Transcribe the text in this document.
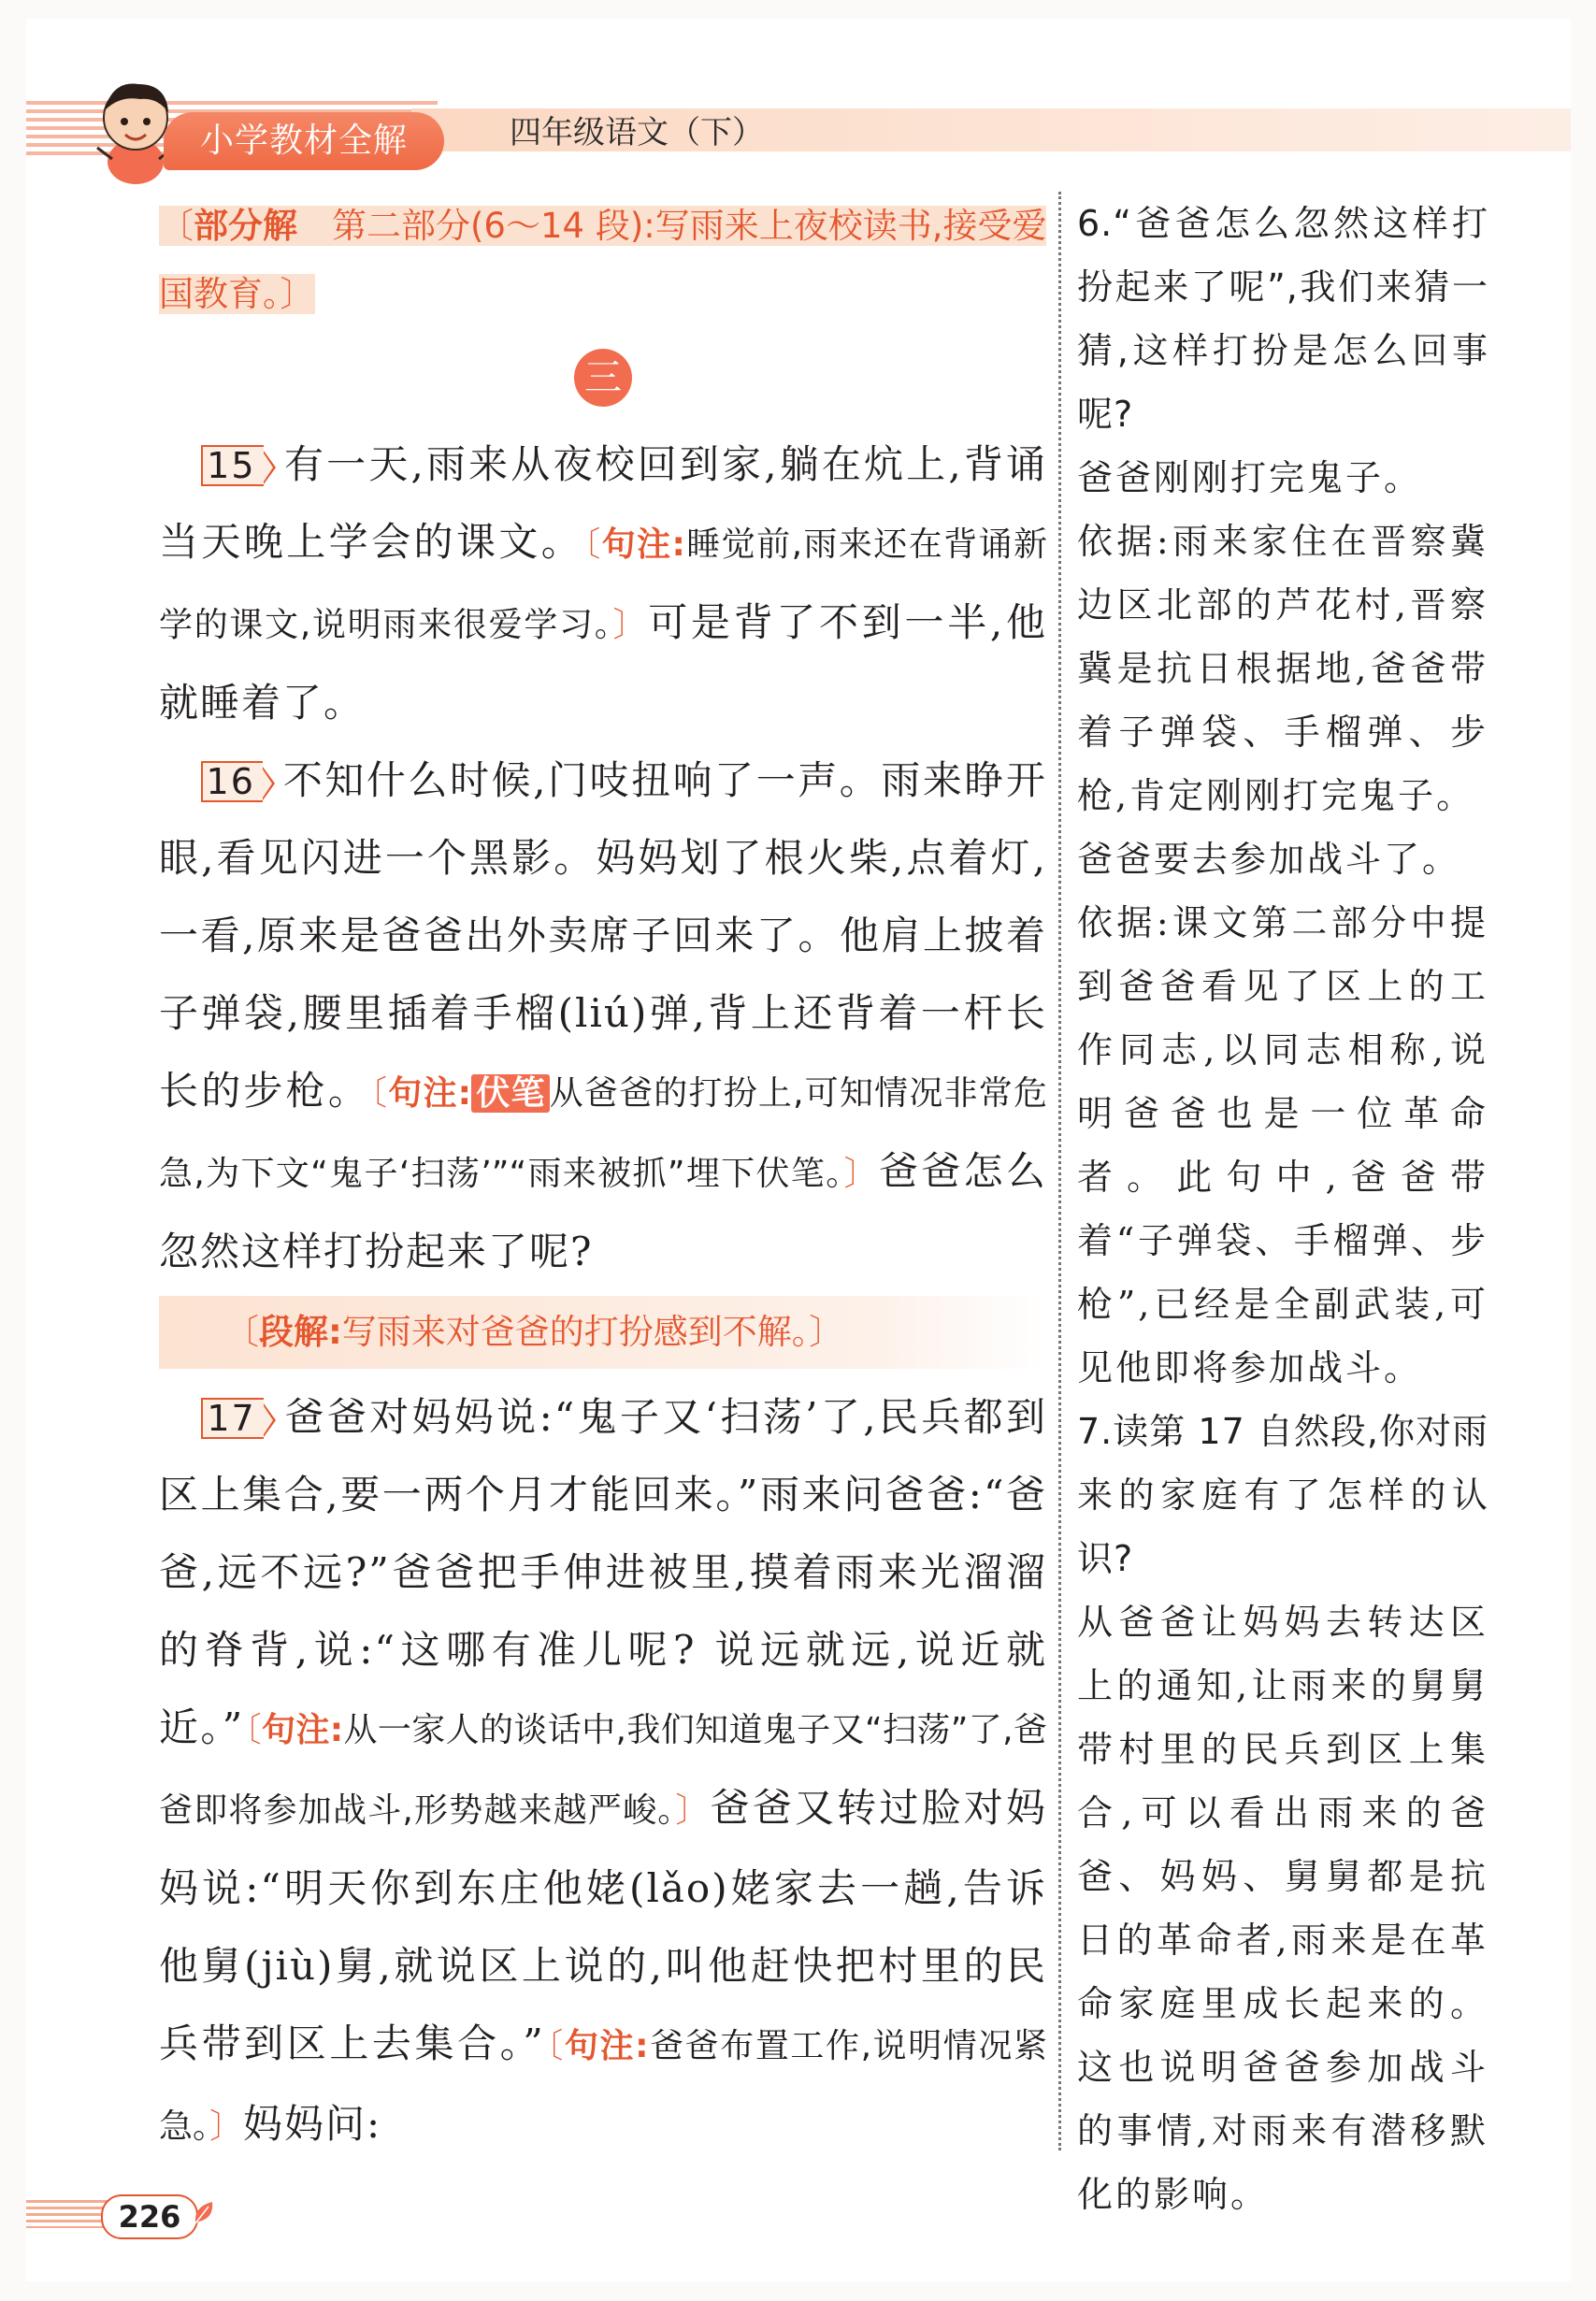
小学教材全解	四年级语文（下）

〔部分解　第二部分(6～14 段):写雨来上夜校读书,接受爱国教育。〕

三

　15 有一天,雨来从夜校回到家,躺在炕上,背诵当天晚上学会的课文。〔句注:睡觉前,雨来还在背诵新学的课文,说明雨来很爱学习。〕可是背了不到一半,他就睡着了。

　16 不知什么时候,门吱扭响了一声。雨来睁开眼,看见闪进一个黑影。妈妈划了根火柴,点着灯,一看,原来是爸爸出外卖席子回来了。他肩上披着子弹袋,腰里插着手榴(liú)弹,背上还背着一杆长长的步枪。〔句注: 伏笔 从爸爸的打扮上,可知情况非常危急,为下文“鬼子‘扫荡’”“雨来被抓”埋下伏笔。〕爸爸怎么忽然这样打扮起来了呢?

〔段解:写雨来对爸爸的打扮感到不解。〕

　17 爸爸对妈妈说:“鬼子又‘扫荡’了,民兵都到区上集合,要一两个月才能回来。”雨来问爸爸:“爸爸,远不远?”爸爸把手伸进被里,摸着雨来光溜溜的脊背,说:“这哪有准儿呢? 说远就远,说近就近。”〔句注:从一家人的谈话中,我们知道鬼子又“扫荡”了,爸爸即将参加战斗,形势越来越严峻。〕爸爸又转过脸对妈妈说:“明天你到东庄他姥(lǎo)姥家去一趟,告诉他舅(jiù)舅,就说区上说的,叫他赶快把村里的民兵带到区上去集合。”〔句注:爸爸布置工作,说明情况紧急。〕妈妈问:

6.“爸爸怎么忽然这样打扮起来了呢”,我们来猜一猜,这样打扮是怎么回事呢?

爸爸刚刚打完鬼子。

依据:雨来家住在晋察冀边区北部的芦花村,晋察冀是抗日根据地,爸爸带着子弹袋、手榴弹、步枪,肯定刚刚打完鬼子。

爸爸要去参加战斗了。

依据:课文第二部分中提到爸爸看见了区上的工作同志,以同志相称,说明爸爸也是一位革命者。此句中,爸爸带着“子弹袋、手榴弹、步枪”,已经是全副武装,可见他即将参加战斗。

7.读第 17 自然段,你对雨来的家庭有了怎样的认识?

从爸爸让妈妈去转达区上的通知,让雨来的舅舅带村里的民兵到区上集合,可以看出雨来的爸爸、妈妈、舅舅都是抗日的革命者,雨来是在革命家庭里成长起来的。这也说明爸爸参加战斗的事情,对雨来有潜移默化的影响。

226
